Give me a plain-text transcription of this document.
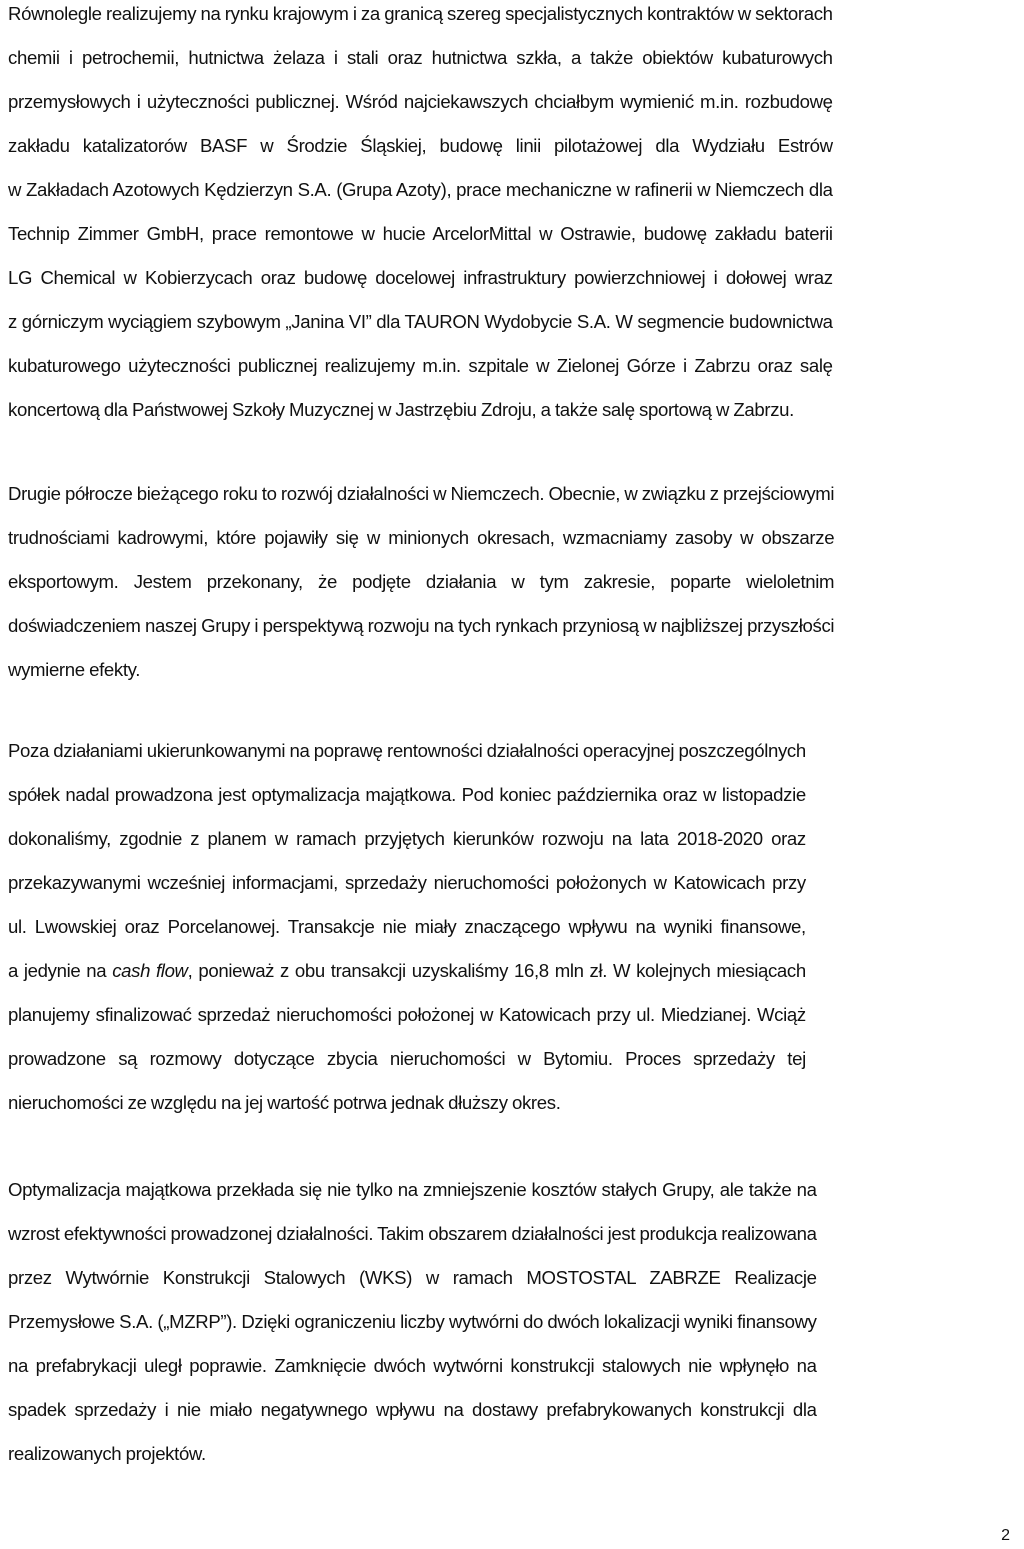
Równolegle realizujemy na rynku krajowym i za granicą szereg specjalistycznych kontraktów w sektorach
chemii i petrochemii, hutnictwa żelaza i stali oraz hutnictwa szkła, a także obiektów kubaturowych
przemysłowych i użyteczności publicznej. Wśród najciekawszych chciałbym wymienić m.in. rozbudowę
zakładu katalizatorów BASF w Środzie Śląskiej, budowę linii pilotażowej dla Wydziału Estrów
w Zakładach Azotowych Kędzierzyn S.A. (Grupa Azoty), prace mechaniczne w rafinerii w Niemczech dla
Technip Zimmer GmbH, prace remontowe w hucie ArcelorMittal w Ostrawie, budowę zakładu baterii
LG Chemical w Kobierzycach oraz budowę docelowej infrastruktury powierzchniowej i dołowej wraz
z górniczym wyciągiem szybowym „Janina VI” dla TAURON Wydobycie S.A. W segmencie budownictwa
kubaturowego użyteczności publicznej realizujemy m.in. szpitale w Zielonej Górze i Zabrzu oraz salę
koncertową dla Państwowej Szkoły Muzycznej w Jastrzębiu Zdroju, a także salę sportową w Zabrzu.
Drugie półrocze bieżącego roku to rozwój działalności w Niemczech. Obecnie, w związku z przejściowymi
trudnościami kadrowymi, które pojawiły się w minionych okresach, wzmacniamy zasoby w obszarze
eksportowym. Jestem przekonany, że podjęte działania w tym zakresie, poparte wieloletnim
doświadczeniem naszej Grupy i perspektywą rozwoju na tych rynkach przyniosą w najbliższej przyszłości
wymierne efekty.
Poza działaniami ukierunkowanymi na poprawę rentowności działalności operacyjnej poszczególnych
spółek nadal prowadzona jest optymalizacja majątkowa. Pod koniec października oraz w listopadzie
dokonaliśmy, zgodnie z planem w ramach przyjętych kierunków rozwoju na lata 2018-2020 oraz
przekazywanymi wcześniej informacjami, sprzedaży nieruchomości położonych w Katowicach przy
ul. Lwowskiej oraz Porcelanowej. Transakcje nie miały znaczącego wpływu na wyniki finansowe,
a jedynie na cash flow, ponieważ z obu transakcji uzyskaliśmy 16,8 mln zł. W kolejnych miesiącach
planujemy sfinalizować sprzedaż nieruchomości położonej w Katowicach przy ul. Miedzianej. Wciąż
prowadzone są rozmowy dotyczące zbycia nieruchomości w Bytomiu. Proces sprzedaży tej
nieruchomości ze względu na jej wartość potrwa jednak dłuższy okres.
Optymalizacja majątkowa przekłada się nie tylko na zmniejszenie kosztów stałych Grupy, ale także na
wzrost efektywności prowadzonej działalności. Takim obszarem działalności jest produkcja realizowana
przez Wytwórnie Konstrukcji Stalowych (WKS) w ramach MOSTOSTAL ZABRZE Realizacje
Przemysłowe S.A. („MZRP”). Dzięki ograniczeniu liczby wytwórni do dwóch lokalizacji wyniki finansowy
na prefabrykacji uległ poprawie. Zamknięcie dwóch wytwórni konstrukcji stalowych nie wpłynęło na
spadek sprzedaży i nie miało negatywnego wpływu na dostawy prefabrykowanych konstrukcji dla
realizowanych projektów.
2
